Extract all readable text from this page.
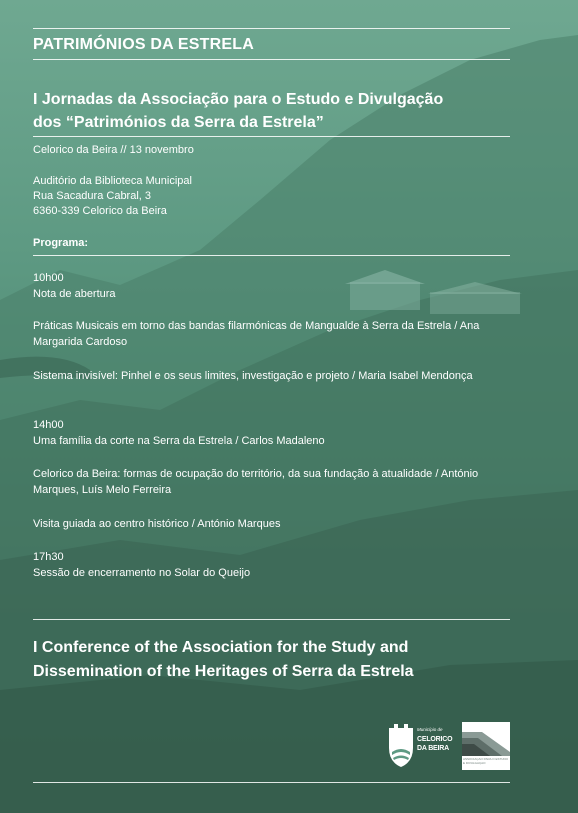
PATRIMÓNIOS DA ESTRELA
I Jornadas da Associação para o Estudo e Divulgação
dos “Patrimónios da Serra da Estrela”
Celorico da Beira // 13 novembro
Auditório da Biblioteca Municipal
Rua Sacadura Cabral, 3
6360-339 Celorico da Beira
Programa:
10h00
Nota de abertura
Práticas Musicais em torno das bandas filarmónicas de Mangualde à Serra da Estrela / Ana Margarida Cardoso
Sistema invisível: Pinhel e os seus limites, investigação e projeto / Maria Isabel Mendonça
14h00
Uma família da corte na Serra da Estrela / Carlos Madaleno
Celorico da Beira: formas de ocupação do território, da sua fundação à atualidade / António Marques, Luís Melo Ferreira
Visita guiada ao centro histórico / António Marques
17h30
Sessão de encerramento no Solar do Queijo
I Conference of the Association for the Study and
Dissemination of the Heritages of Serra da Estrela
Município de
CELORICO
DA BEIRA
ASSOCIAÇÃO PARA O ESTUDO
E DIVULGAÇÃO
